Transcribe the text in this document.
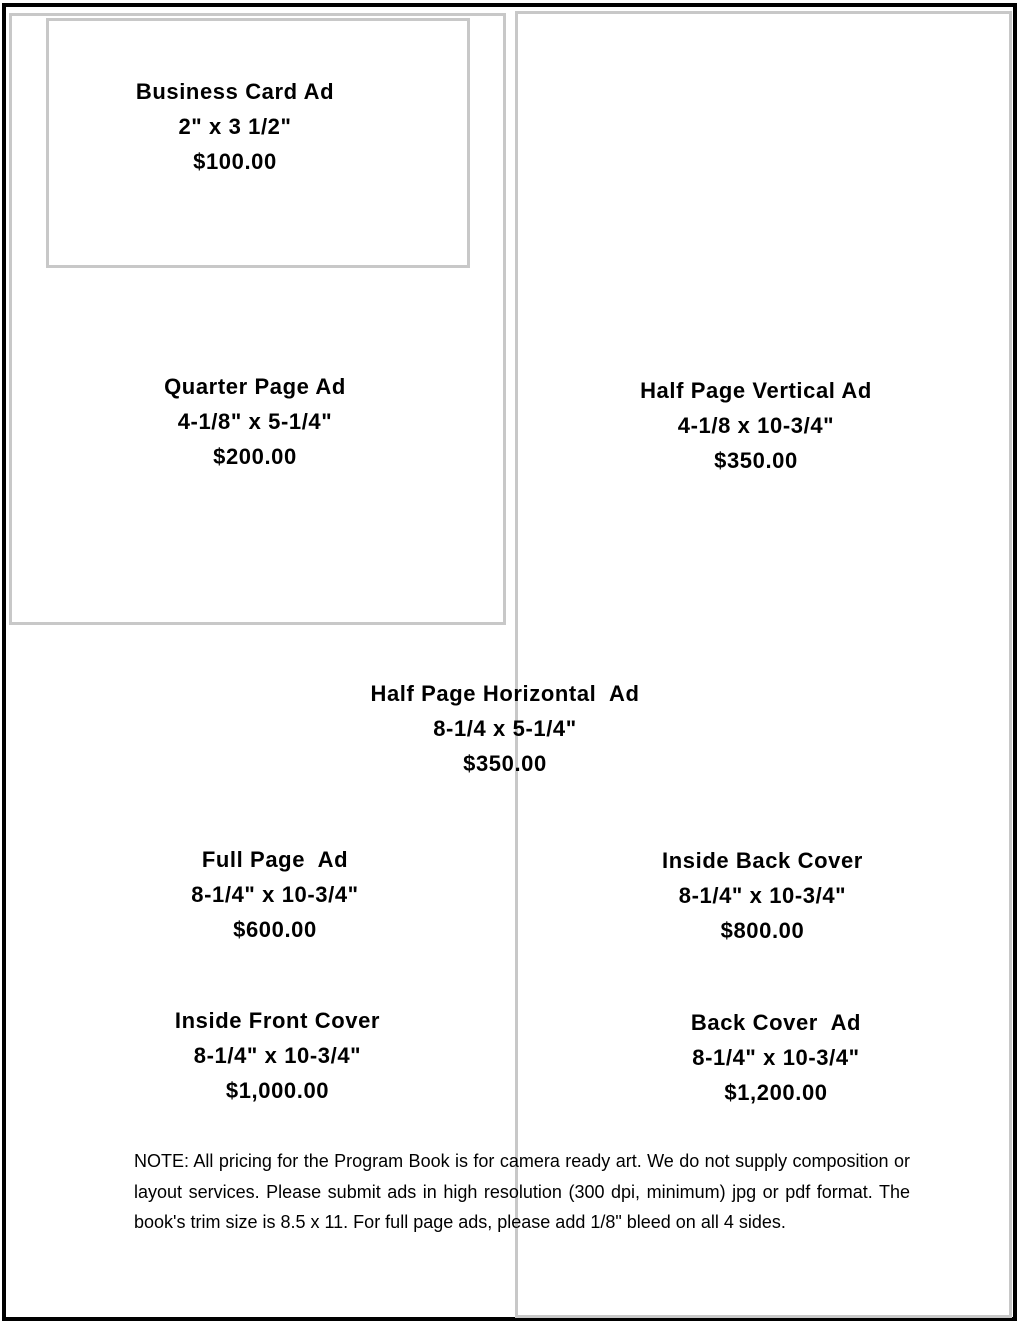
Business Card Ad
2" x 3 1/2"
$100.00
Quarter Page Ad
4-1/8" x 5-1/4"
$200.00
Half Page Vertical Ad
4-1/8 x 10-3/4"
$350.00
Half Page Horizontal  Ad
8-1/4 x 5-1/4"
$350.00
Full Page  Ad
8-1/4" x 10-3/4"
$600.00
Inside Back Cover
8-1/4" x 10-3/4"
$800.00
Inside Front Cover
8-1/4" x 10-3/4"
$1,000.00
Back Cover  Ad
8-1/4" x 10-3/4"
$1,200.00
NOTE: All pricing for the Program Book is for camera ready art. We do not supply composition or layout services. Please submit ads in high resolution (300 dpi, minimum) jpg or pdf format. The book's trim size is 8.5 x 11. For full page ads, please add 1/8" bleed on all 4 sides.
